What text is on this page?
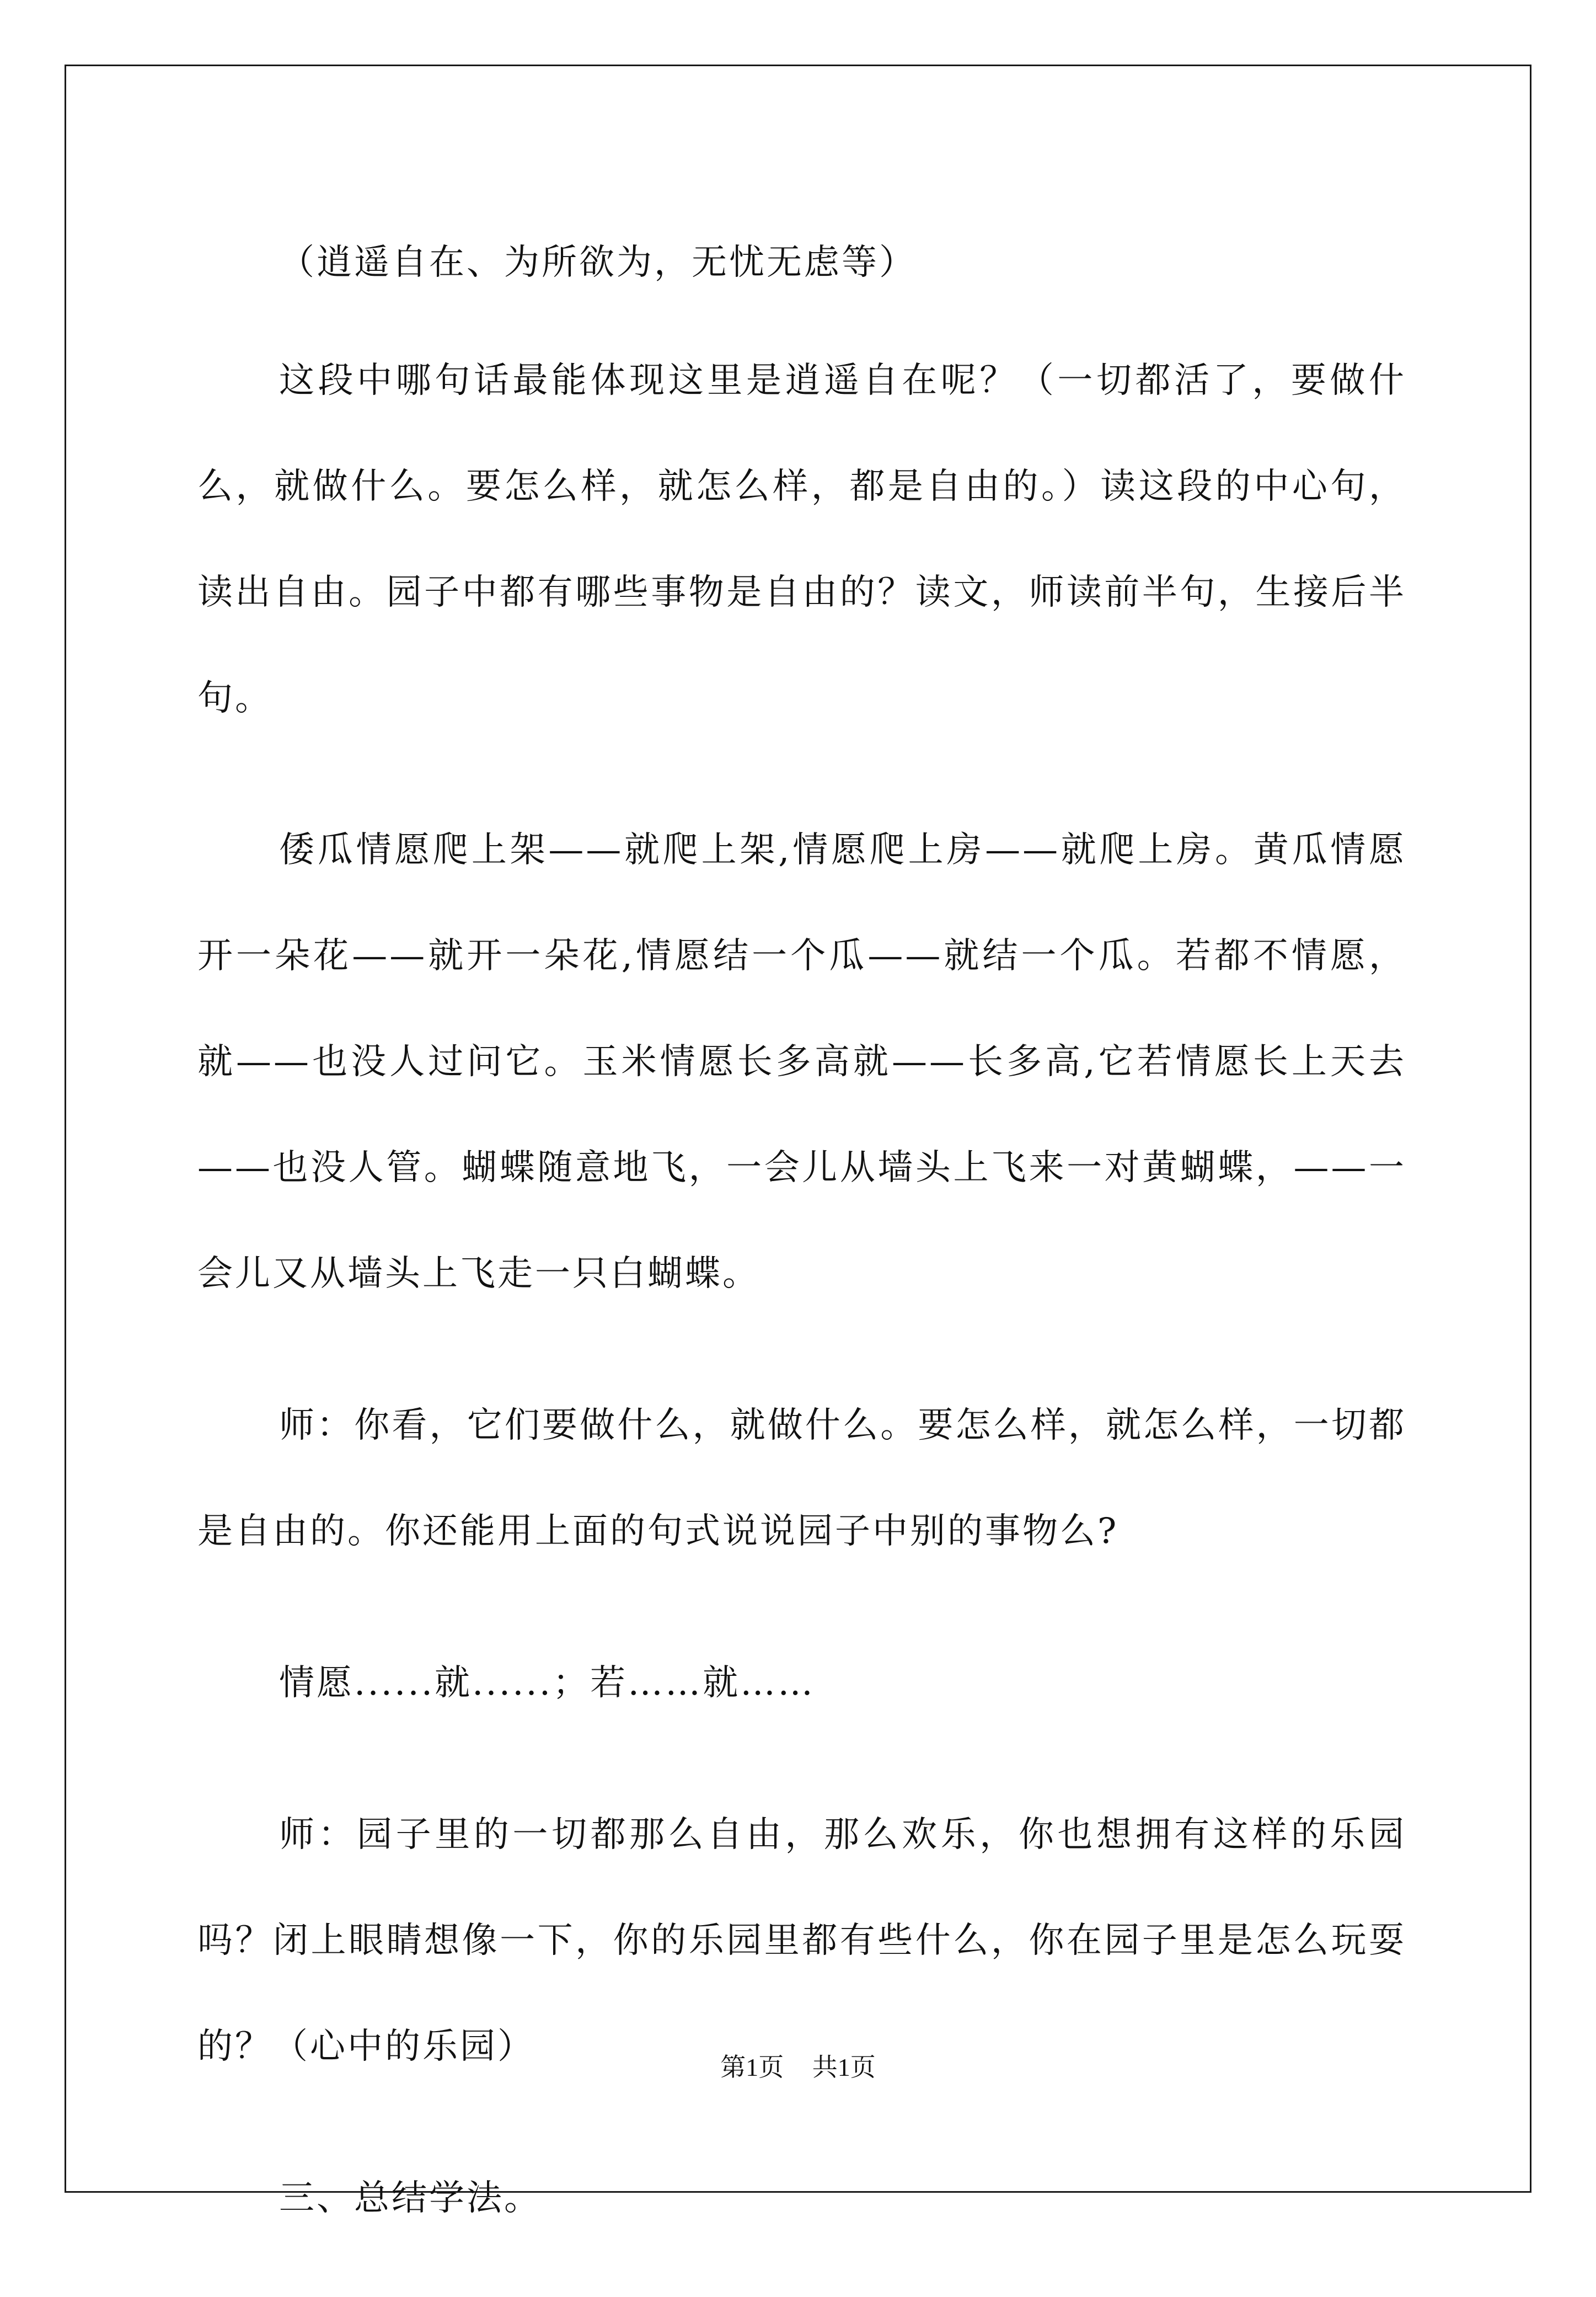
（逍遥自在、为所欲为，无忧无虑等）

这段中哪句话最能体现这里是逍遥自在呢？（一切都活了，要做什么，就做什么。要怎么样，就怎么样，都是自由的。）读这段的中心句，读出自由。园子中都有哪些事物是自由的？读文，师读前半句，生接后半句。

倭瓜情愿爬上架——就爬上架,情愿爬上房——就爬上房。黄瓜情愿开一朵花——就开一朵花,情愿结一个瓜——就结一个瓜。若都不情愿，就——也没人过问它。玉米情愿长多高就——长多高,它若情愿长上天去——也没人管。蝴蝶随意地飞，一会儿从墙头上飞来一对黄蝴蝶，——一会儿又从墙头上飞走一只白蝴蝶。

师：你看，它们要做什么，就做什么。要怎么样，就怎么样，一切都是自由的。你还能用上面的句式说说园子中别的事物么?

情愿......就......；若……就……

师：园子里的一切都那么自由，那么欢乐，你也想拥有这样的乐园吗？闭上眼睛想像一下，你的乐园里都有些什么，你在园子里是怎么玩耍的？（心中的乐园）

三、总结学法。

第1页 共1页
